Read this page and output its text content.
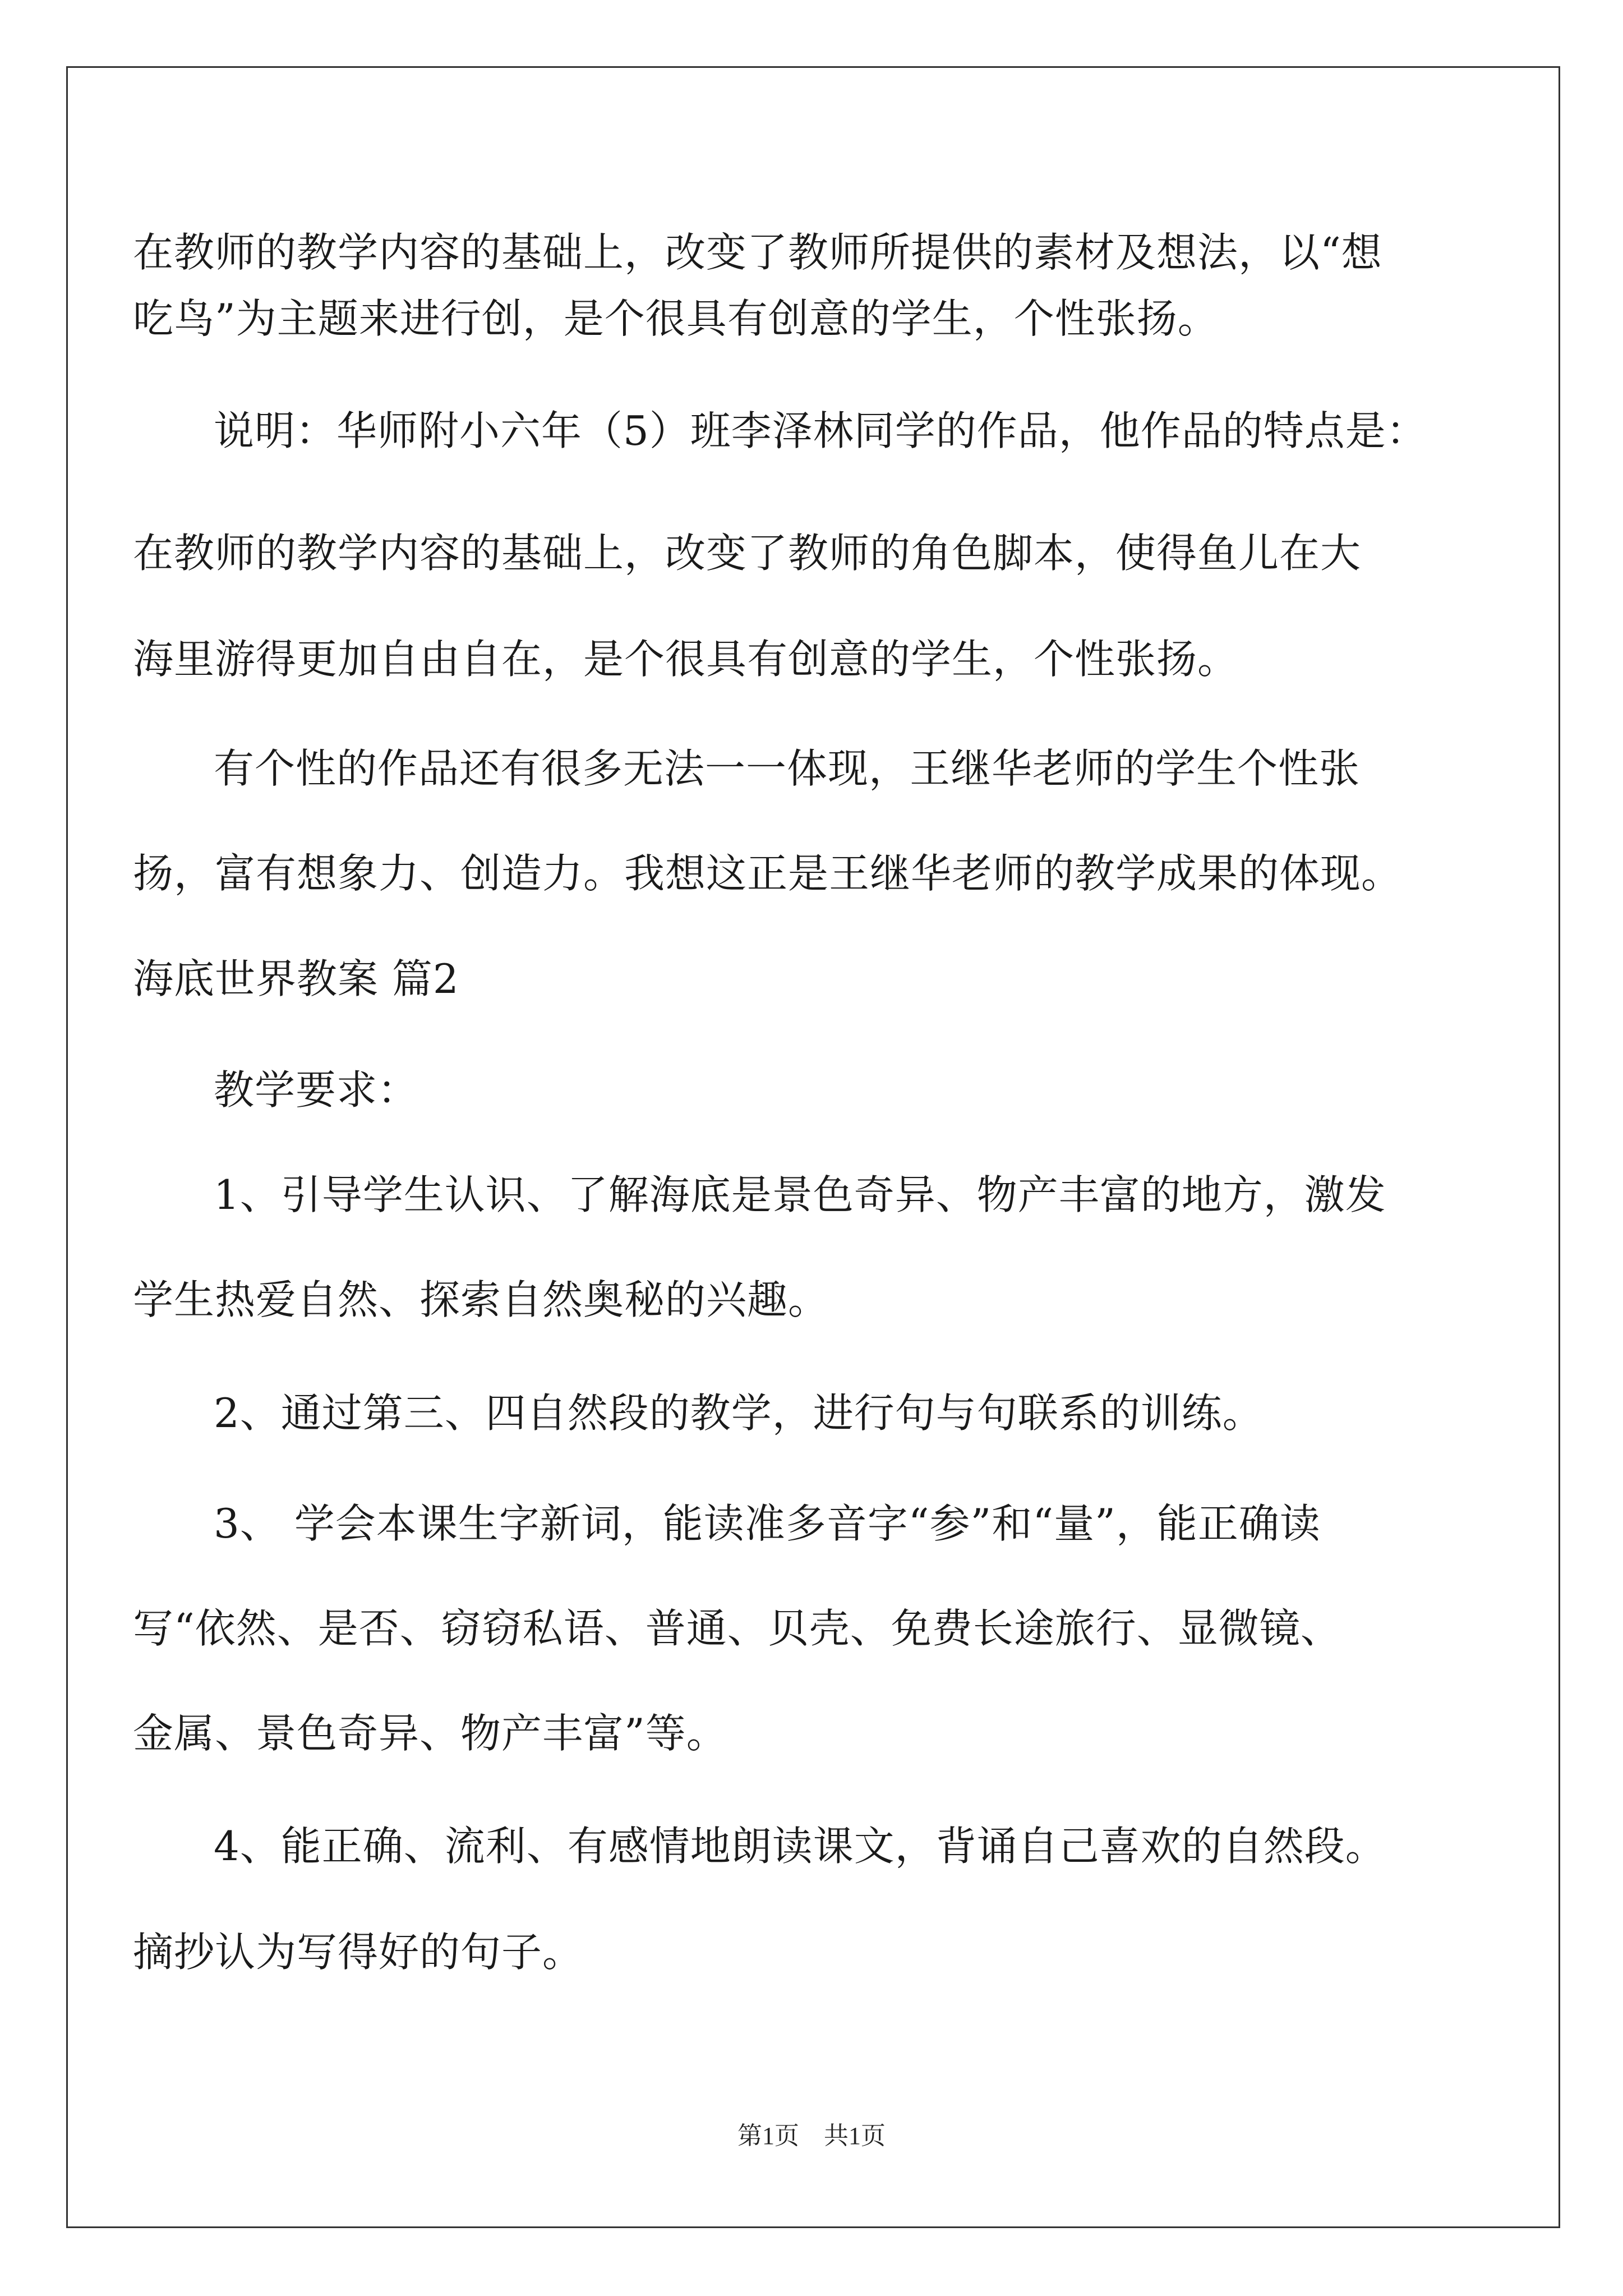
在教师的教学内容的基础上，改变了教师所提供的素材及想法，以“想
吃鸟”为主题来进行创，是个很具有创意的学生，个性张扬。
说明：华师附小六年（5）班李泽林同学的作品，他作品的特点是：
在教师的教学内容的基础上，改变了教师的角色脚本，使得鱼儿在大
海里游得更加自由自在，是个很具有创意的学生，个性张扬。
有个性的作品还有很多无法一一体现，王继华老师的学生个性张
扬，富有想象力、创造力。我想这正是王继华老师的教学成果的体现。
海底世界教案 篇2
教学要求：
1、引导学生认识、了解海底是景色奇异、物产丰富的地方，激发
学生热爱自然、探索自然奥秘的兴趣。
2、通过第三、四自然段的教学，进行句与句联系的训练。
3、 学会本课生字新词，能读准多音字“参”和“量”，能正确读
写“依然、是否、窃窃私语、普通、贝壳、免费长途旅行、显微镜、
金属、景色奇异、物产丰富”等。
4、能正确、流利、有感情地朗读课文，背诵自己喜欢的自然段。
摘抄认为写得好的句子。
第1页　共1页
